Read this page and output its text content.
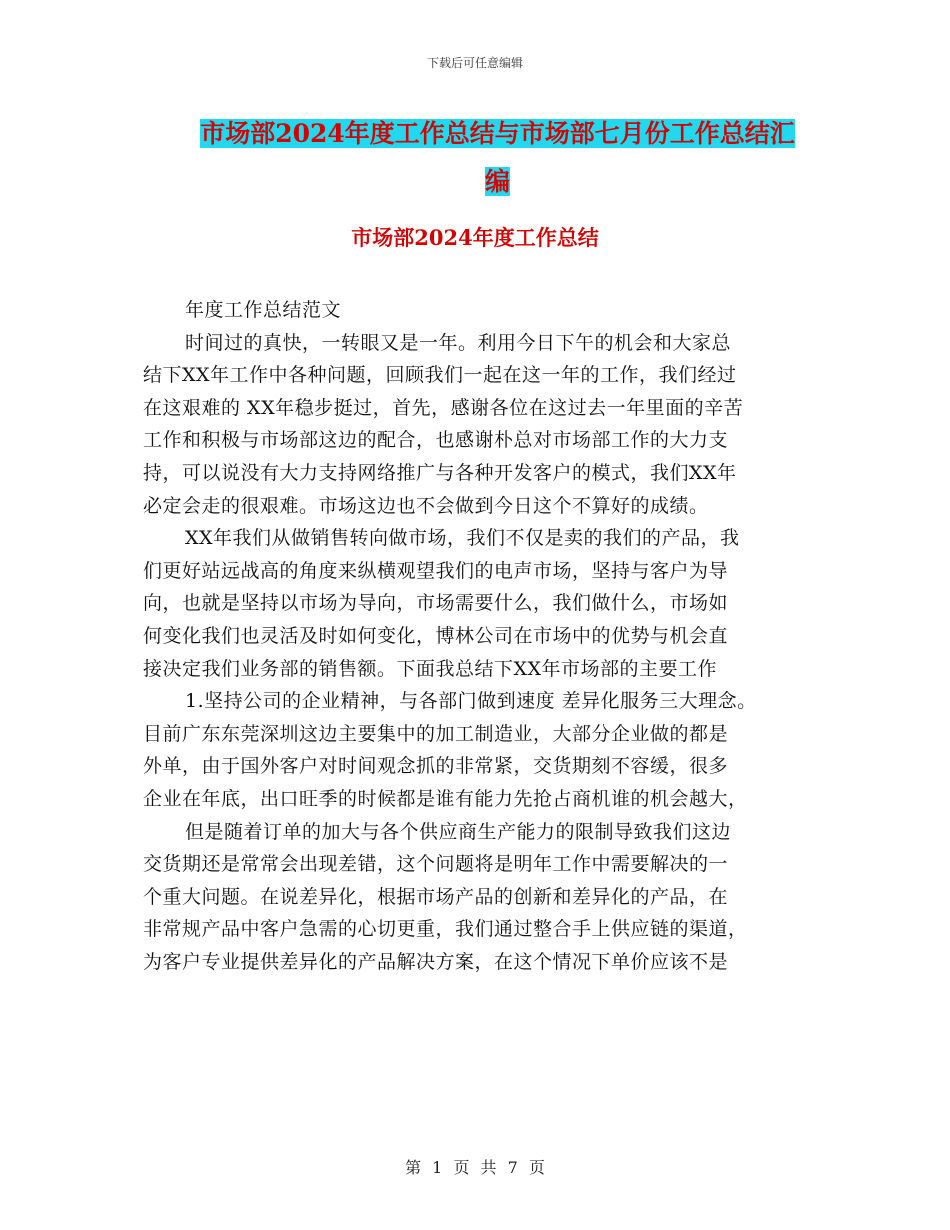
下载后可任意编辑
市场部2024年度工作总结与市场部七月份工作总结汇
编
市场部2024年度工作总结

年度工作总结范文

时间过的真快，一转眼又是一年。利用今日下午的机会和大家总
结下XX年工作中各种问题，回顾我们一起在这一年的工作，我们经过
在这艰难的 XX年稳步挺过，首先，感谢各位在这过去一年里面的辛苦
工作和积极与市场部这边的配合，也感谢朴总对市场部工作的大力支
持，可以说没有大力支持网络推广与各种开发客户的模式，我们XX年
必定会走的很艰难。市场这边也不会做到今日这个不算好的成绩。

XX年我们从做销售转向做市场，我们不仅是卖的我们的产品，我
们更好站远战高的角度来纵横观望我们的电声市场，坚持与客户为导
向，也就是坚持以市场为导向，市场需要什么，我们做什么，市场如
何变化我们也灵活及时如何变化，博林公司在市场中的优势与机会直
接决定我们业务部的销售额。下面我总结下XX年市场部的主要工作

1.坚持公司的企业精神，与各部门做到速度 差异化服务三大理念。
目前广东东莞深圳这边主要集中的加工制造业，大部分企业做的都是
外单，由于国外客户对时间观念抓的非常紧，交货期刻不容缓，很多
企业在年底，出口旺季的时候都是谁有能力先抢占商机谁的机会越大，

但是随着订单的加大与各个供应商生产能力的限制导致我们这边
交货期还是常常会出现差错，这个问题将是明年工作中需要解决的一
个重大问题。在说差异化，根据市场产品的创新和差异化的产品，在
非常规产品中客户急需的心切更重，我们通过整合手上供应链的渠道，
为客户专业提供差异化的产品解决方案，在这个情况下单价应该不是

第 1 页 共 7 页
